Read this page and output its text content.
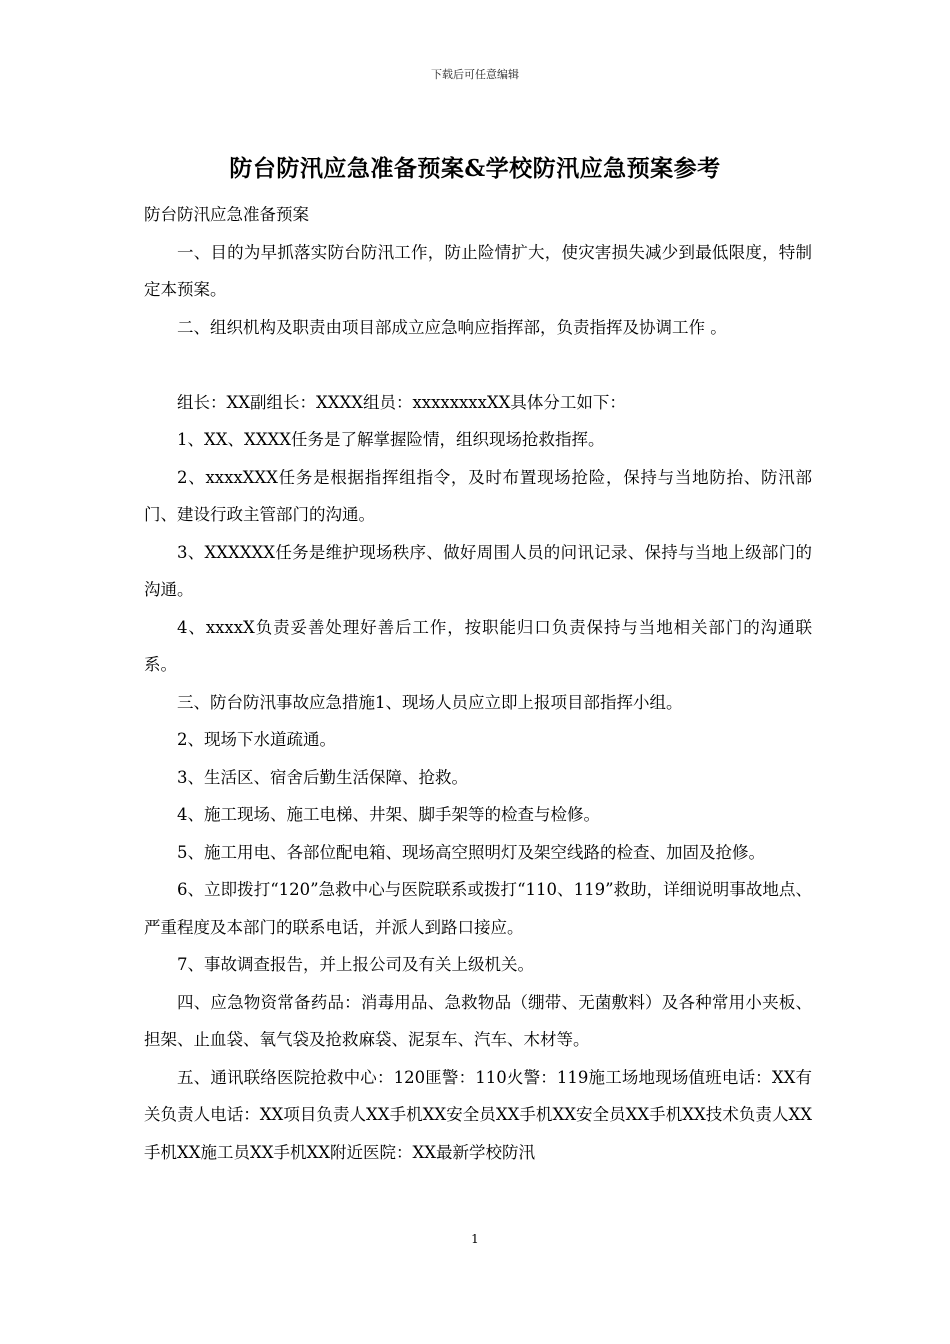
下载后可任意编辑
防台防汛应急准备预案&学校防汛应急预案参考

防台防汛应急准备预案

一、目的为早抓落实防台防汛工作，防止险情扩大，使灾害损失减少到最低限度，特制定本预案。

二、组织机构及职责由项目部成立应急响应指挥部，负责指挥及协调工作 。

组长：XX副组长：XXXX组员：xxxxxxxxXX具体分工如下：

1、XX、XXXX任务是了解掌握险情，组织现场抢救指挥。

2、xxxxXXX任务是根据指挥组指令，及时布置现场抢险，保持与当地防抬、防汛部门、建设行政主管部门的沟通。

3、XXXXXX任务是维护现场秩序、做好周围人员的问讯记录、保持与当地上级部门的沟通。

4、xxxxX负责妥善处理好善后工作，按职能归口负责保持与当地相关部门的沟通联系。

三、防台防汛事故应急措施1、现场人员应立即上报项目部指挥小组。

2、现场下水道疏通。

3、生活区、宿舍后勤生活保障、抢救。

4、施工现场、施工电梯、井架、脚手架等的检查与检修。

5、施工用电、各部位配电箱、现场高空照明灯及架空线路的检查、加固及抢修。

6、立即拨打“120”急救中心与医院联系或拨打“110、119”救助，详细说明事故地点、严重程度及本部门的联系电话，并派人到路口接应。

7、事故调查报告，并上报公司及有关上级机关。

四、应急物资常备药品：消毒用品、急救物品（绷带、无菌敷料）及各种常用小夹板、担架、止血袋、氧气袋及抢救麻袋、泥泵车、汽车、木材等。

五、通讯联络医院抢救中心：120匪警：110火警：119施工场地现场值班电话：XX有关负责人电话：XX项目负责人XX手机XX安全员XX手机XX安全员XX手机XX技术负责人XX手机XX施工员XX手机XX附近医院：XX最新学校防汛

1
